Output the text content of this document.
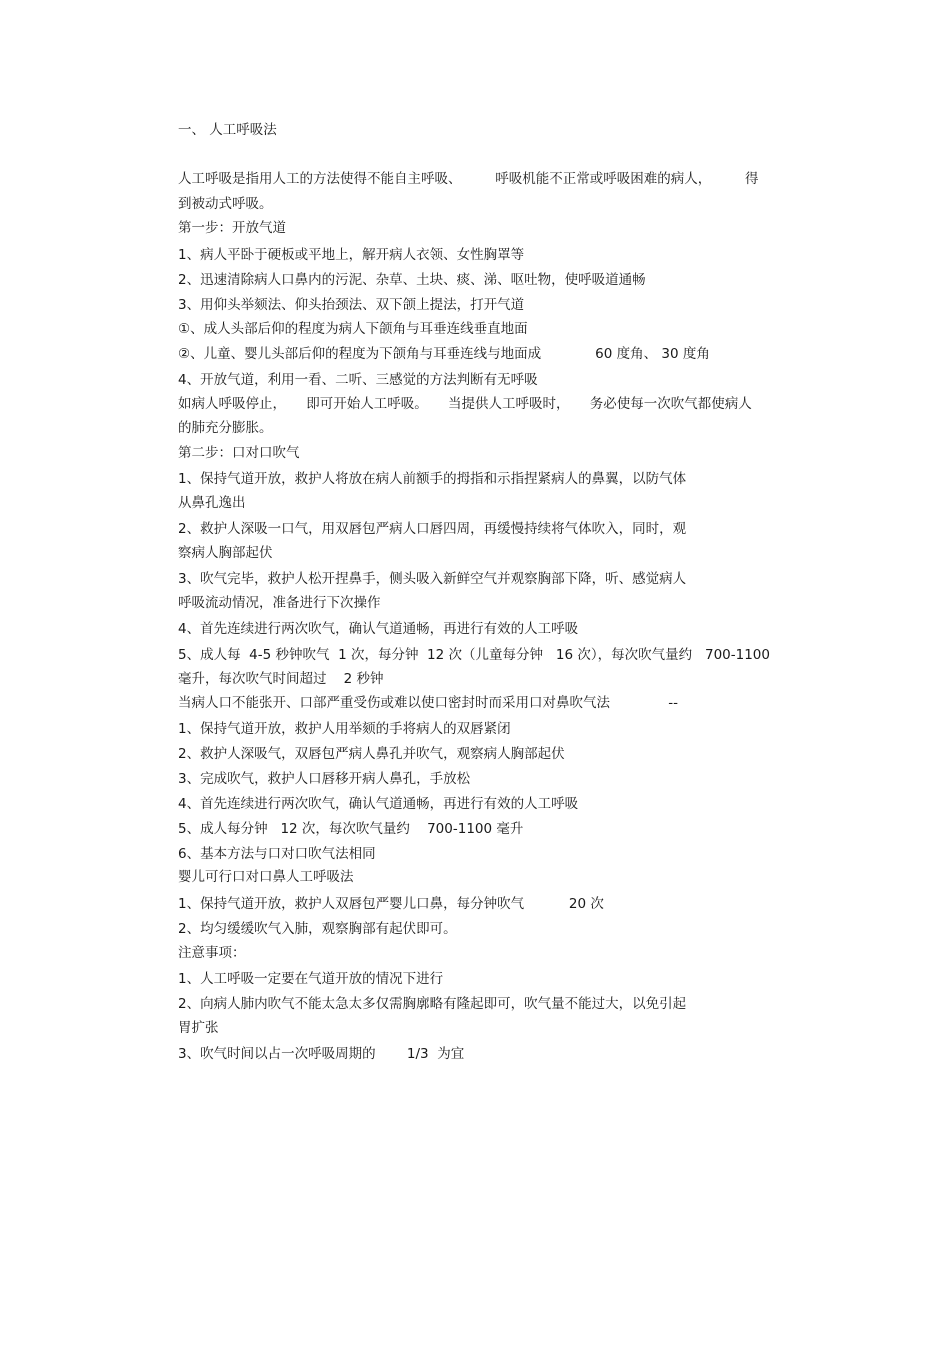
一、 人工呼吸法
人工呼吸是指用人工的方法使得不能自主呼吸、　　　呼吸机能不正常或呼吸困难的病人，　　　得
到被动式呼吸。
第一步：开放气道
1、病人平卧于硬板或平地上，解开病人衣领、女性胸罩等
2、迅速清除病人口鼻内的污泥、杂草、土块、痰、涕、呕吐物，使呼吸道通畅
3、用仰头举颏法、仰头抬颈法、双下颌上提法，打开气道
①、成人头部后仰的程度为病人下颌角与耳垂连线垂直地面
②、儿童、婴儿头部后仰的程度为下颌角与耳垂连线与地面成　　　　60 度角、 30 度角
4、开放气道，利用一看、二听、三感觉的方法判断有无呼吸
如病人呼吸停止，　　即可开始人工呼吸。　　当提供人工呼吸时，　　务必使每一次吹气都使病人
的肺充分膨胀。
第二步：口对口吹气
1、保持气道开放，救护人将放在病人前额手的拇指和示指捏紧病人的鼻翼，以防气体
从鼻孔逸出
2、救护人深吸一口气，用双唇包严病人口唇四周，再缓慢持续将气体吹入，同时，观
察病人胸部起伏
3、吹气完毕，救护人松开捏鼻手，侧头吸入新鲜空气并观察胸部下降，听、感觉病人
呼吸流动情况，准备进行下次操作
4、首先连续进行两次吹气，确认气道通畅，再进行有效的人工呼吸
5、成人每  4-5 秒钟吹气  1 次，每分钟  12 次（儿童每分钟   16 次），每次吹气量约   700-1100
毫升，每次吹气时间超过    2 秒钟
当病人口不能张开、口部严重受伤或难以使口密封时而采用口对鼻吹气法　　　　 --
1、保持气道开放，救护人用举颏的手将病人的双唇紧闭
2、救护人深吸气，双唇包严病人鼻孔并吹气，观察病人胸部起伏
3、完成吹气，救护人口唇移开病人鼻孔，手放松
4、首先连续进行两次吹气，确认气道通畅，再进行有效的人工呼吸
5、成人每分钟   12 次，每次吹气量约    700-1100 毫升
6、基本方法与口对口吹气法相同
婴儿可行口对口鼻人工呼吸法
1、保持气道开放，救护人双唇包严婴儿口鼻，每分钟吹气　　　 20 次
2、均匀缓缓吹气入肺，观察胸部有起伏即可。
注意事项：
1、人工呼吸一定要在气道开放的情况下进行
2、向病人肺内吹气不能太急太多仅需胸廓略有隆起即可，吹气量不能过大，以免引起
胃扩张
3、吹气时间以占一次呼吸周期的　　 1/3  为宜
